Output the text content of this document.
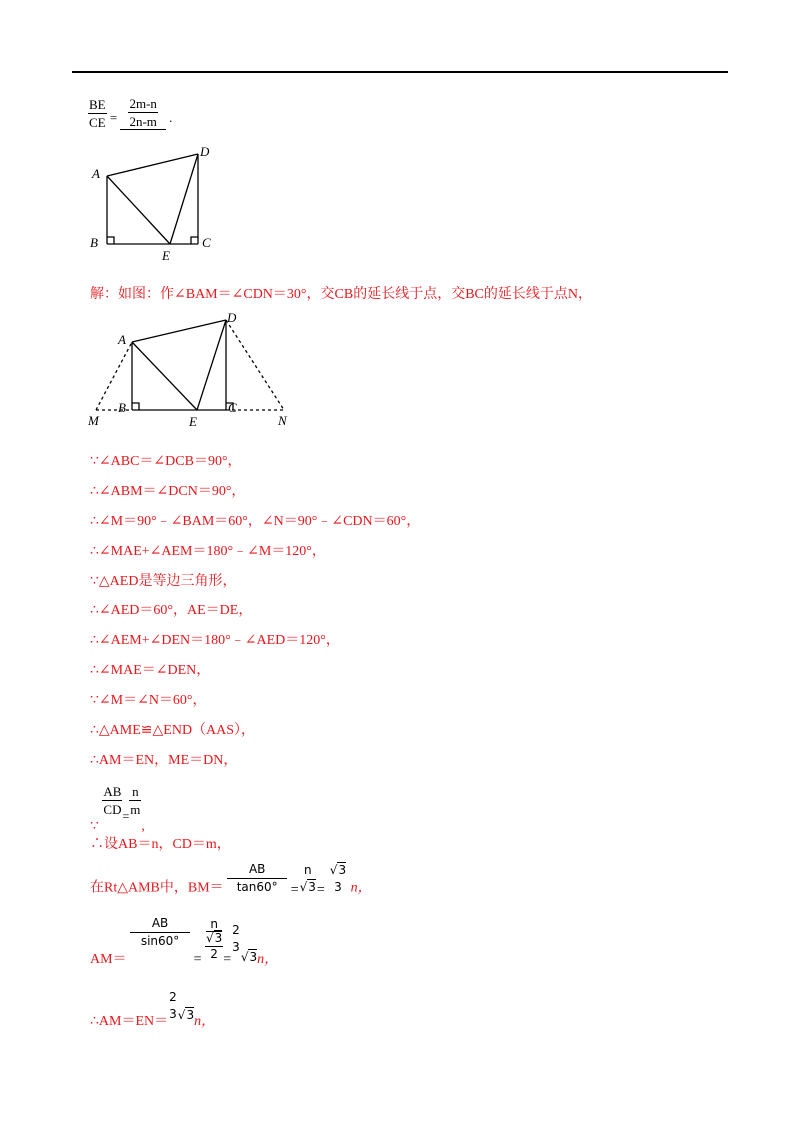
$\frac{BE}{CE} = \frac{2m-n}{2n-m}$ .
A
D
B	C
E
解：如图：作∠BAM＝∠CDN＝30°，交CB的延长线于点，交BC的延长线于点N，
A
D
B	C
E
M	N
∵∠ABC＝∠DCB＝90°，
∴∠ABM＝∠DCN＝90°，
∴∠M＝90°﹣∠BAM＝60°，∠N＝90°﹣∠CDN＝60°，
∴∠MAE+∠AEM＝180°﹣∠M＝120°，
∵△AED是等边三角形，
∴∠AED＝60°，AE＝DE，
∴∠AEM+∠DEN＝180°﹣∠AED＝120°，
∴∠MAE＝∠DEN，
∵∠M＝∠N＝60°，
∴△AME≌△END（AAS），
∴AM＝EN，ME＝DN，
∵
$\frac{AB}{CD} = \frac{n}{m}$
,
∴设AB＝n，CD＝m，
在Rt△AMB中，$BM= \frac{AB}{\tan 60^\circ}$ =
n
√3 =
√3
3 n，
AM＝
$\frac{AB}{\sin 60^\circ}$
= n
√3
2 =
2
3
√3n，
∴AM＝EN＝
2
3 √3n，
